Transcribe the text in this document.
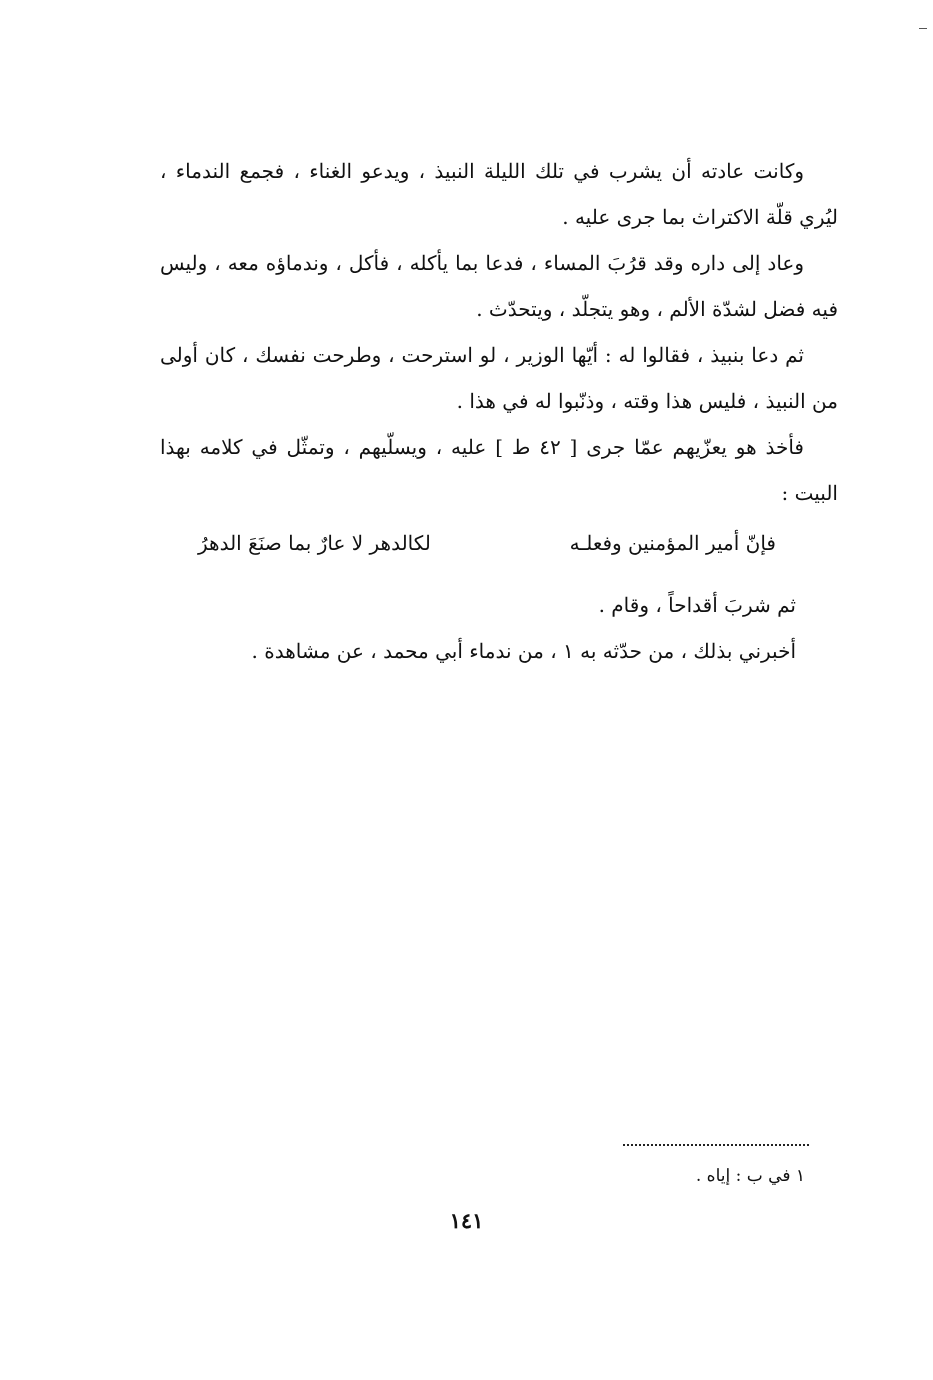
وكانت عادته أن يشرب في تلك الليلة النبيذ ، ويدعو الغناء ، فجمع الندماء ، ليُري قلّة الاكتراث بما جرى عليه .

وعاد إلى داره وقد قرُبَ المساء ، فدعا بما يأكله ، فأكل ، وندماؤه معه ، وليس فيه فضل لشدّة الألم ، وهو يتجلّد ، ويتحدّث .

ثم دعا بنبيذ ، فقالوا له : أيّها الوزير ، لو استرحت ، وطرحت نفسك ، كان أولى من النبيذ ، فليس هذا وقته ، وذنّبوا له في هذا .

فأخذ هو يعزّيهم عمّا جرى [ ٤٢ ط ] عليه ، ويسلّيهم ، وتمثّل في كلامه بهذا البيت :

فإنّ أمير المؤمنين وفعلـه
لكالدهر لا عارٌ بما صنَعَ الدهرُ

ثم شربَ أقداحاً ، وقام .

أخبرني بذلك ، من حدّثه به ١ ، من ندماء أبي محمد ، عن مشاهدة .

١ في ب : إياه .
١٤١
